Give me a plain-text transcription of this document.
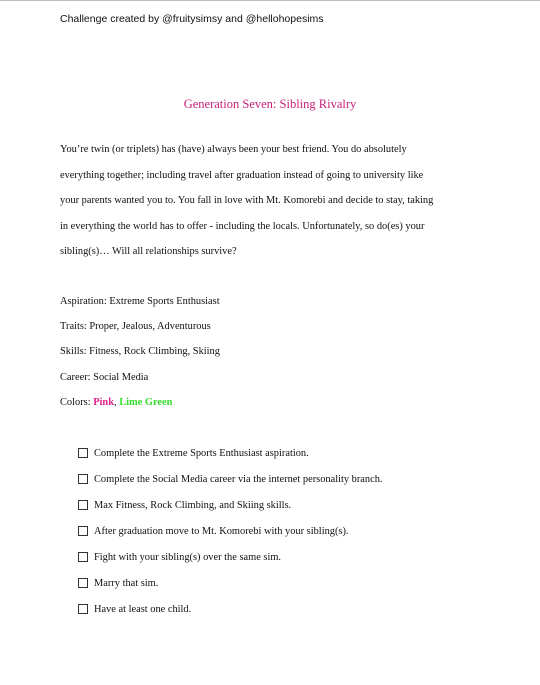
Challenge created by @fruitysimsy and @hellohopesims
Generation Seven: Sibling Rivalry

You’re twin (or triplets) has (have) always been your best friend. You do absolutely
everything together; including travel after graduation instead of going to university like
your parents wanted you to. You fall in love with Mt. Komorebi and decide to stay, taking
in everything the world has to offer - including the locals. Unfortunately, so do(es) your
sibling(s)… Will all relationships survive?

Aspiration: Extreme Sports Enthusiast
Traits: Proper, Jealous, Adventurous
Skills: Fitness, Rock Climbing, Skiing
Career: Social Media
Colors: Pink, Lime Green
Complete the Extreme Sports Enthusiast aspiration.
Complete the Social Media career via the internet personality branch.
Max Fitness, Rock Climbing, and Skiing skills.
After graduation move to Mt. Komorebi with your sibling(s).
Fight with your sibling(s) over the same sim.
Marry that sim.
Have at least one child.
